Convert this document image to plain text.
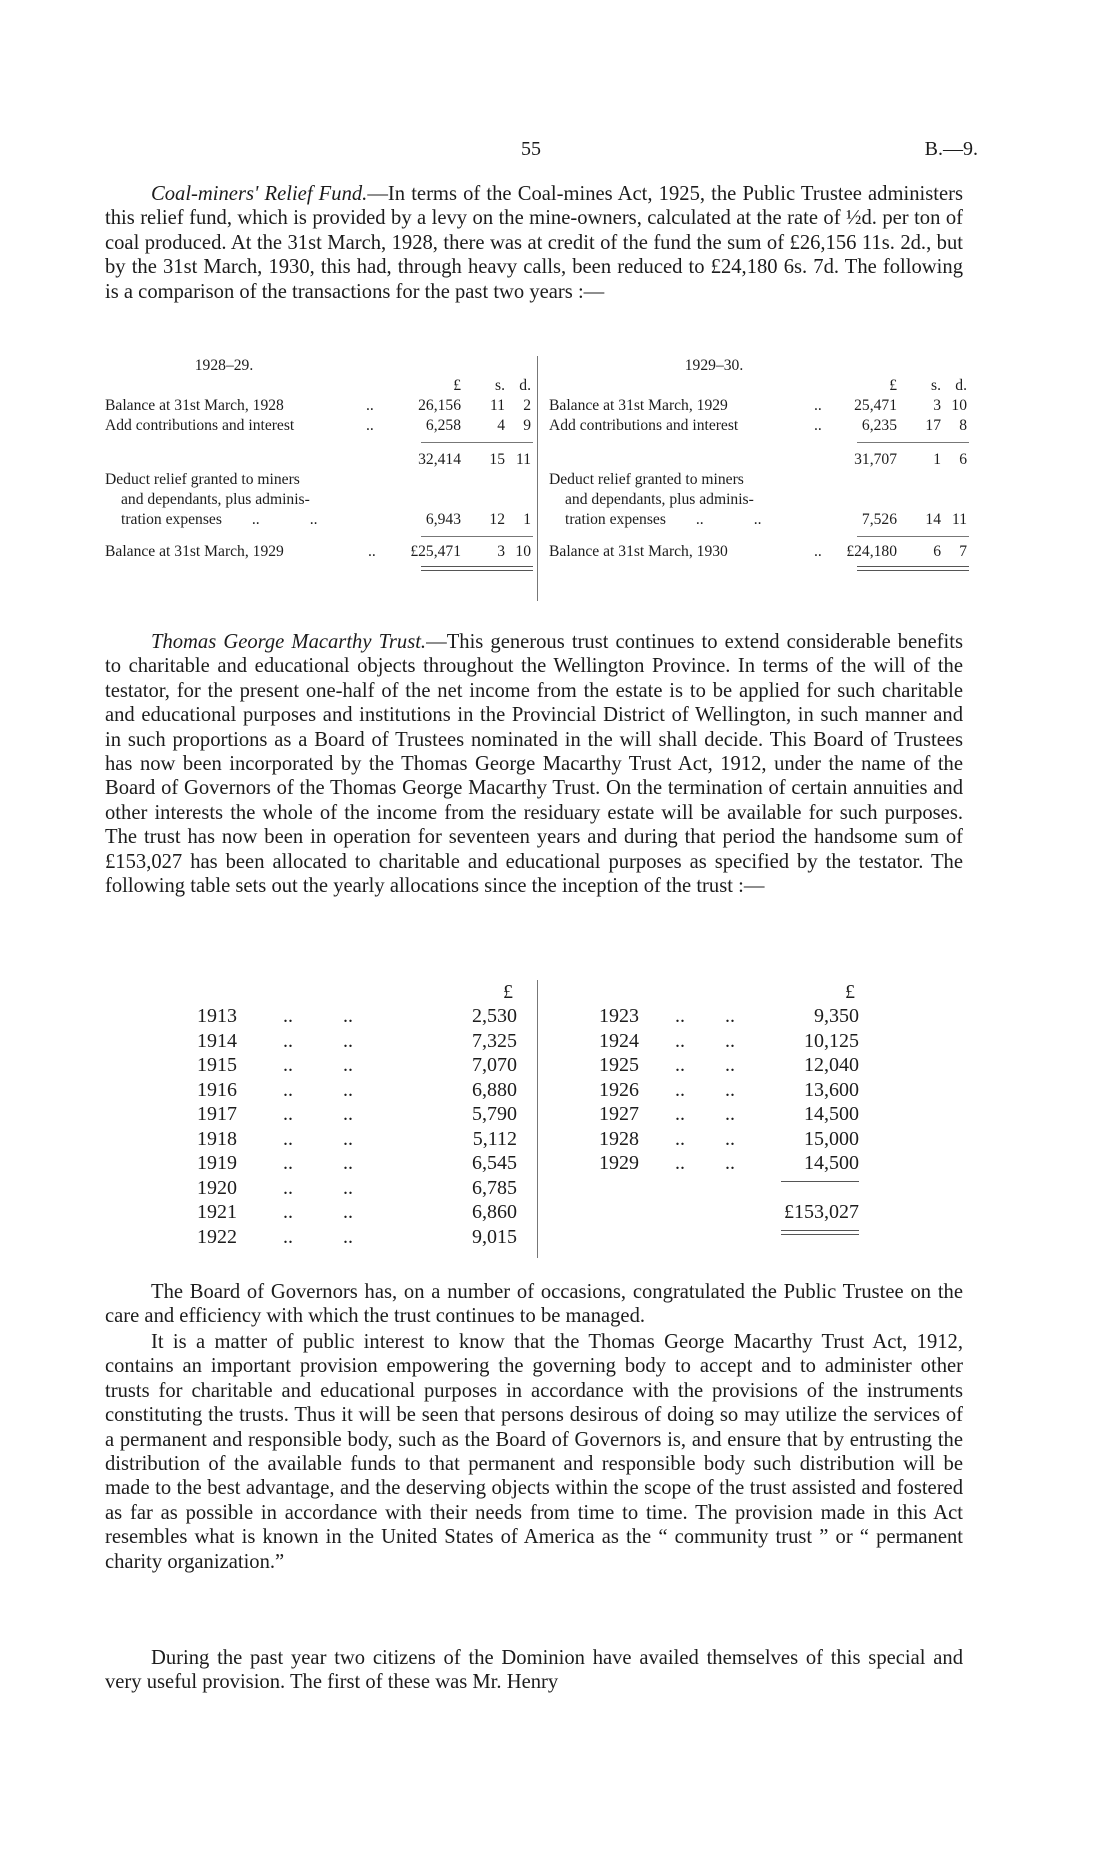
55	B.—9.

Coal-miners' Relief Fund.—In terms of the Coal-mines Act, 1925, the Public Trustee administers this relief fund, which is provided by a levy on the mine-owners, calculated at the rate of ½d. per ton of coal produced. At the 31st March, 1928, there was at credit of the fund the sum of £26,156 11s. 2d., but by the 31st March, 1930, this had, through heavy calls, been reduced to £24,180 6s. 7d. The following is a comparison of the transactions for the past two years :—

1928–29.
£ s. d.
Balance at 31st March, 1928	..	26,156 11 2
Add contributions and interest	..	6,258 4 9
32,414 15 11
Deduct relief granted to miners
and dependants, plus adminis-
tration expenses ..	..	6,943 12 1
Balance at 31st March, 1929	.. £25,471 3 10
1929–30.
£ s. d.
Balance at 31st March, 1929	.. 25,471 3 10
Add contributions and interest	..	6,235 17 8
31,707 1 6
Deduct relief granted to miners
and dependants, plus adminis-
tration expenses ..	..	7,526 14 11
Balance at 31st March, 1930	.. £24,180 6 7

Thomas George Macarthy Trust.—This generous trust continues to extend considerable benefits to charitable and educational objects throughout the Wellington Province. In terms of the will of the testator, for the present one-half of the net income from the estate is to be applied for such charitable and educational purposes and institutions in the Provincial District of Wellington, in such manner and in such proportions as a Board of Trustees nominated in the will shall decide. This Board of Trustees has now been incorporated by the Thomas George Macarthy Trust Act, 1912, under the name of the Board of Governors of the Thomas George Macarthy Trust. On the termination of certain annuities and other interests the whole of the income from the residuary estate will be available for such purposes. The trust has now been in operation for seventeen years and during that period the handsome sum of £153,027 has been allocated to charitable and educational purposes as specified by the testator. The following table sets out the yearly allocations since the inception of the trust :—

£	£
1913 ..	..	2,530
1914 ..	..	7,325
1915 ..	..	7,070
1916 ..	..	6,880
1917 ..	..	5,790
1918 ..	..	5,112
1919 ..	..	6,545
1920 ..	..	6,785
1921 ..	..	6,860
1922 ..	..	9,015
1923 .. ..	9,350
1924 .. ..	10,125
1925 .. ..	12,040
1926 .. ..	13,600
1927 .. ..	14,500
1928 .. ..	15,000
1929 .. ..	14,500
£153,027

The Board of Governors has, on a number of occasions, congratulated the Public Trustee on the care and efficiency with which the trust continues to be managed.

It is a matter of public interest to know that the Thomas George Macarthy Trust Act, 1912, contains an important provision empowering the governing body to accept and to administer other trusts for charitable and educational purposes in accordance with the provisions of the instruments constituting the trusts. Thus it will be seen that persons desirous of doing so may utilize the services of a permanent and responsible body, such as the Board of Governors is, and ensure that by entrusting the distribution of the available funds to that permanent and responsible body such distribution will be made to the best advantage, and the deserving objects within the scope of the trust assisted and fostered as far as possible in accordance with their needs from time to time. The provision made in this Act resembles what is known in the United States of America as the “ community trust ” or “ permanent charity organization.”

During the past year two citizens of the Dominion have availed themselves of this special and very useful provision. The first of these was Mr. Henry
